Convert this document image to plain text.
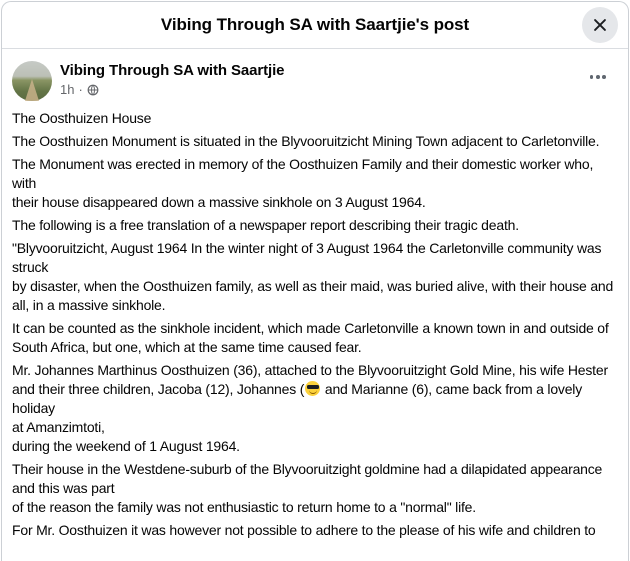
Vibing Through SA with Saartjie's post
Vibing Through SA with Saartjie
1h ·
The Oosthuizen House
The Oosthuizen Monument is situated in the Blyvooruitzicht Mining Town adjacent to Carletonville.
The Monument was erected in memory of the Oosthuizen Family and their domestic worker who, with
their house disappeared down a massive sinkhole on 3 August 1964.
The following is a free translation of a newspaper report describing their tragic death.
"Blyvooruitzicht, August 1964 In the winter night of 3 August 1964 the Carletonville community was
struck
by disaster, when the Oosthuizen family, as well as their maid, was buried alive, with their house and
all, in a massive sinkhole.
It can be counted as the sinkhole incident, which made Carletonville a known town in and outside of
South Africa, but one, which at the same time caused fear.
Mr. Johannes Marthinus Oosthuizen (36), attached to the Blyvooruitzight Gold Mine, his wife Hester
and their three children, Jacoba (12), Johannes ( and Marianne (6), came back from a lovely holiday
at Amanzimtoti,
during the weekend of 1 August 1964.
Their house in the Westdene-suburb of the Blyvooruitzight goldmine had a dilapidated appearance
and this was part
of the reason the family was not enthusiastic to return home to a "normal" life.
For Mr. Oosthuizen it was however not possible to adhere to the please of his wife and children to
